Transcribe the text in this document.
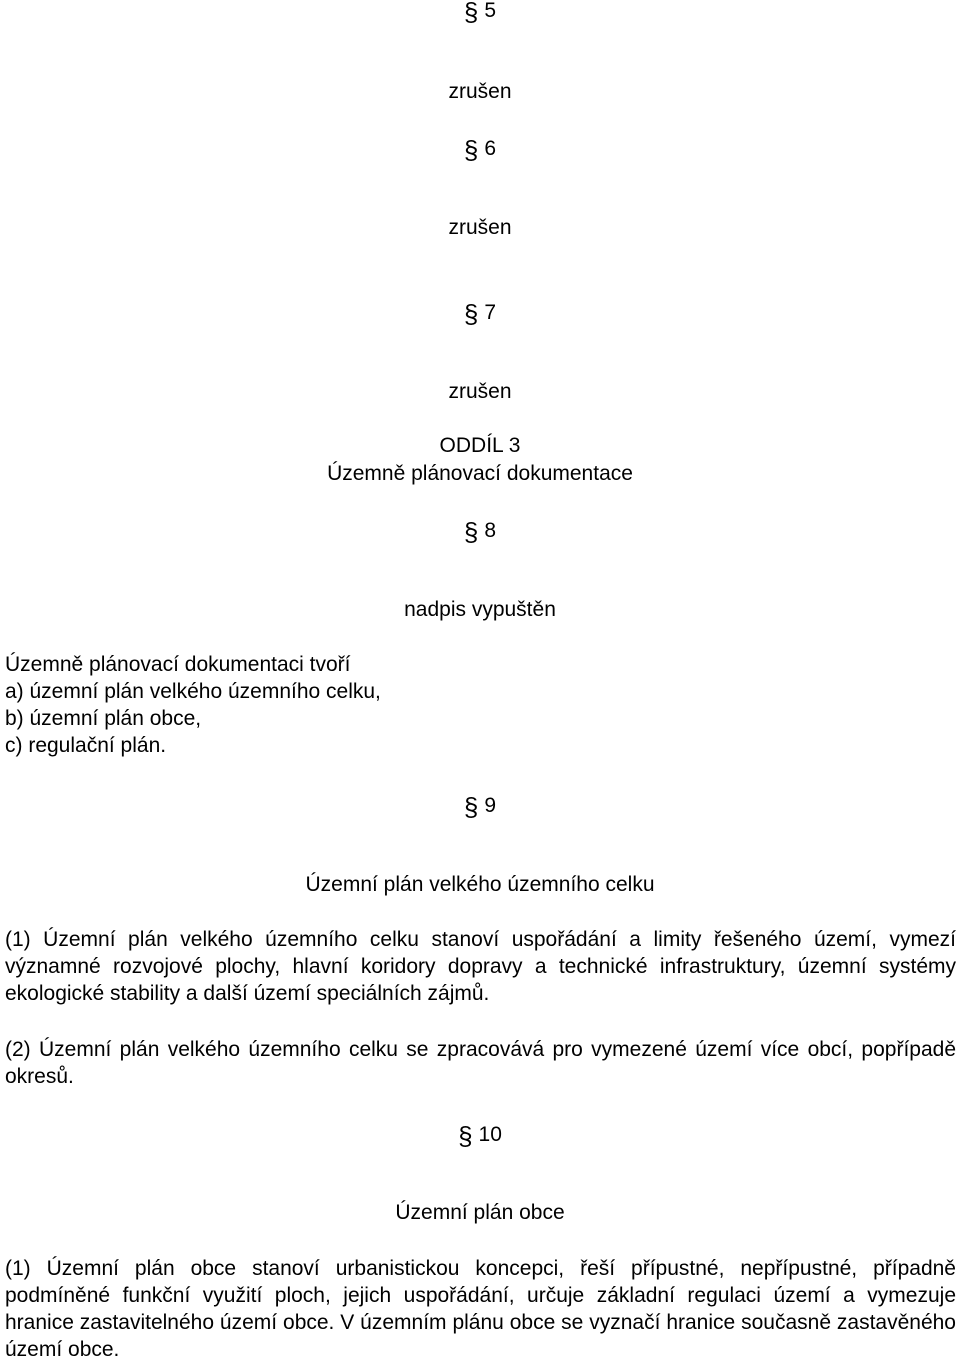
§ 5
zrušen
§ 6
zrušen
§ 7
zrušen
ODDÍL 3
Územně plánovací dokumentace
§ 8
nadpis vypuštěn
Územně plánovací dokumentaci tvoří
a) územní plán velkého územního celku,
b) územní plán obce,
c) regulační plán.
§ 9
Územní plán velkého územního celku

(1) Územní plán velkého územního celku stanoví uspořádání a limity řešeného území, vymezí významné rozvojové plochy, hlavní koridory dopravy a technické infrastruktury, územní systémy ekologické stability a další území speciálních zájmů.

(2) Územní plán velkého územního celku se zpracovává pro vymezené území více obcí, popřípadě okresů.

§ 10
Územní plán obce

(1) Územní plán obce stanoví urbanistickou koncepci, řeší přípustné, nepřípustné, případně podmíněné funkční využití ploch, jejich uspořádání, určuje základní regulaci území a vymezuje hranice zastavitelného území obce. V územním plánu obce se vyznačí hranice současně zastavěného území obce.
